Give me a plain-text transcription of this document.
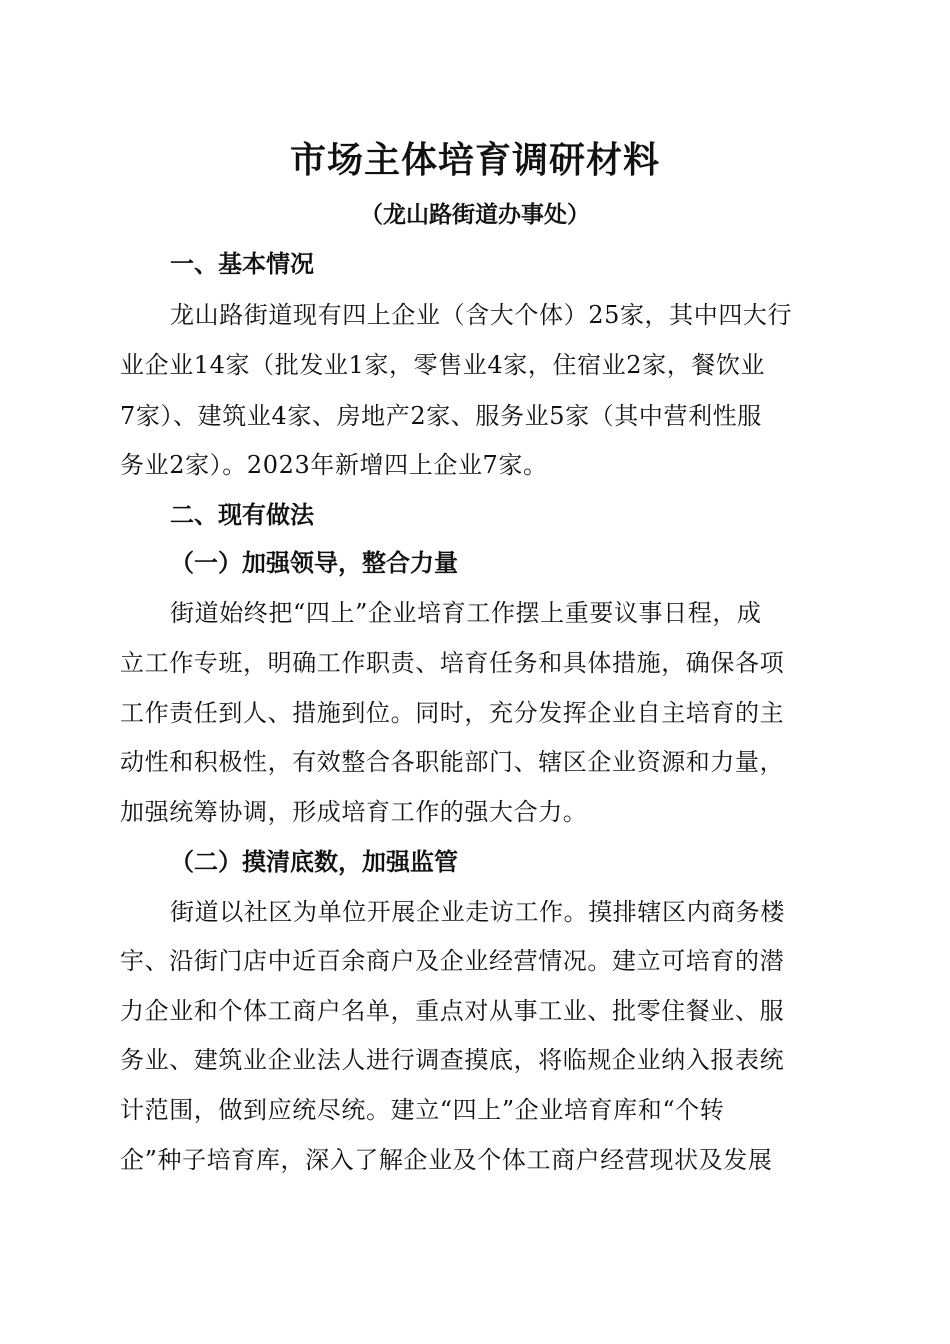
市场主体培育调研材料
（龙山路街道办事处）
一、基本情况
龙山路街道现有四上企业（含大个体）25家，其中四大行
业企业14家（批发业1家，零售业4家，住宿业2家，餐饮业
7家）、建筑业4家、房地产2家、服务业5家（其中营利性服
务业2家）。2023年新增四上企业7家。
二、现有做法
（一）加强领导，整合力量
街道始终把“四上”企业培育工作摆上重要议事日程，成
立工作专班，明确工作职责、培育任务和具体措施，确保各项
工作责任到人、措施到位。同时，充分发挥企业自主培育的主
动性和积极性，有效整合各职能部门、辖区企业资源和力量，
加强统筹协调，形成培育工作的强大合力。
（二）摸清底数，加强监管
街道以社区为单位开展企业走访工作。摸排辖区内商务楼
宇、沿街门店中近百余商户及企业经营情况。建立可培育的潜
力企业和个体工商户名单，重点对从事工业、批零住餐业、服
务业、建筑业企业法人进行调查摸底，将临规企业纳入报表统
计范围，做到应统尽统。建立“四上”企业培育库和“个转
企”种子培育库，深入了解企业及个体工商户经营现状及发展
